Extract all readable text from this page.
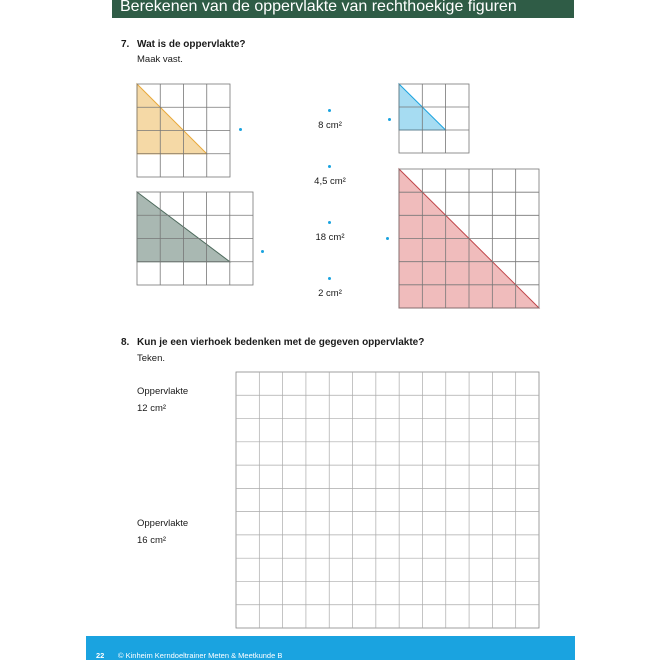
Berekenen van de oppervlakte van rechthoekige figuren
7. Wat is de oppervlakte?
Maak vast.
8 cm²
4,5 cm²
18 cm²
2 cm²
8. Kun je een vierhoek bedenken met de gegeven oppervlakte?
Teken.
Oppervlakte
12 cm²
Oppervlakte
16 cm²
22 © Kinheim Kerndoeltrainer Meten & Meetkunde B
